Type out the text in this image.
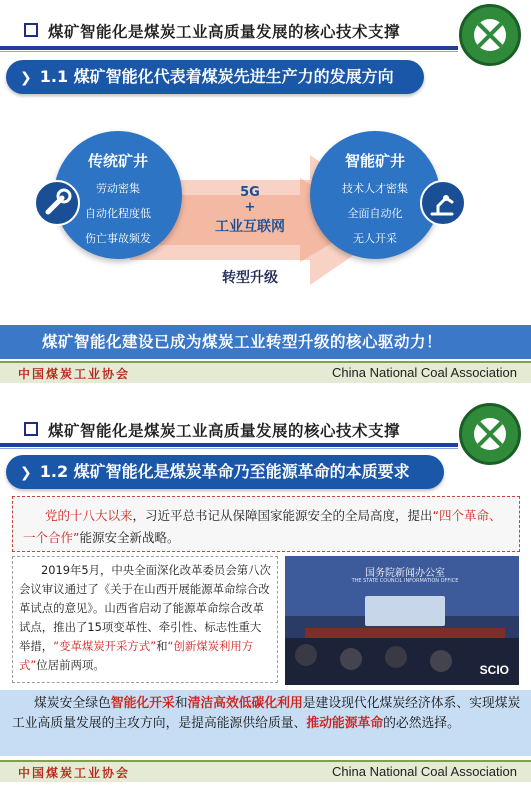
煤矿智能化是煤炭工业高质量发展的核心技术支撑
❯ 1.1 煤矿智能化代表着煤炭先进生产力的发展方向
传统矿井
劳动密集
自动化程度低
伤亡事故频发
智能矿井
技术人才密集
全面自动化
无人开采
5G
+
工业互联网
转型升级
煤矿智能化建设已成为煤炭工业转型升级的核心驱动力！
中国煤炭工业协会	China National Coal Association
煤矿智能化是煤炭工业高质量发展的核心技术支撑
❯ 1.2 煤矿智能化是煤炭革命乃至能源革命的本质要求
党的十八大以来，习近平总书记从保障国家能源安全的全局高度，提出“四个革命、一个合作”能源安全新战略。
2019年5月，中央全面深化改革委员会第八次会议审议通过了《关于在山西开展能源革命综合改革试点的意见》。山西省启动了能源革命综合改革试点，推出了15项变革性、牵引性、标志性重大举措，“变革煤炭开采方式”和“创新煤炭利用方式”位居前两项。
国务院新闻办公室
THE STATE COUNCIL INFORMATION OFFICE
SCIO
煤炭安全绿色智能化开采和清洁高效低碳化利用是建设现代化煤炭经济体系、实现煤炭工业高质量发展的主攻方向，是提高能源供给质量、推动能源革命的必然选择。
中国煤炭工业协会	China National Coal Association
